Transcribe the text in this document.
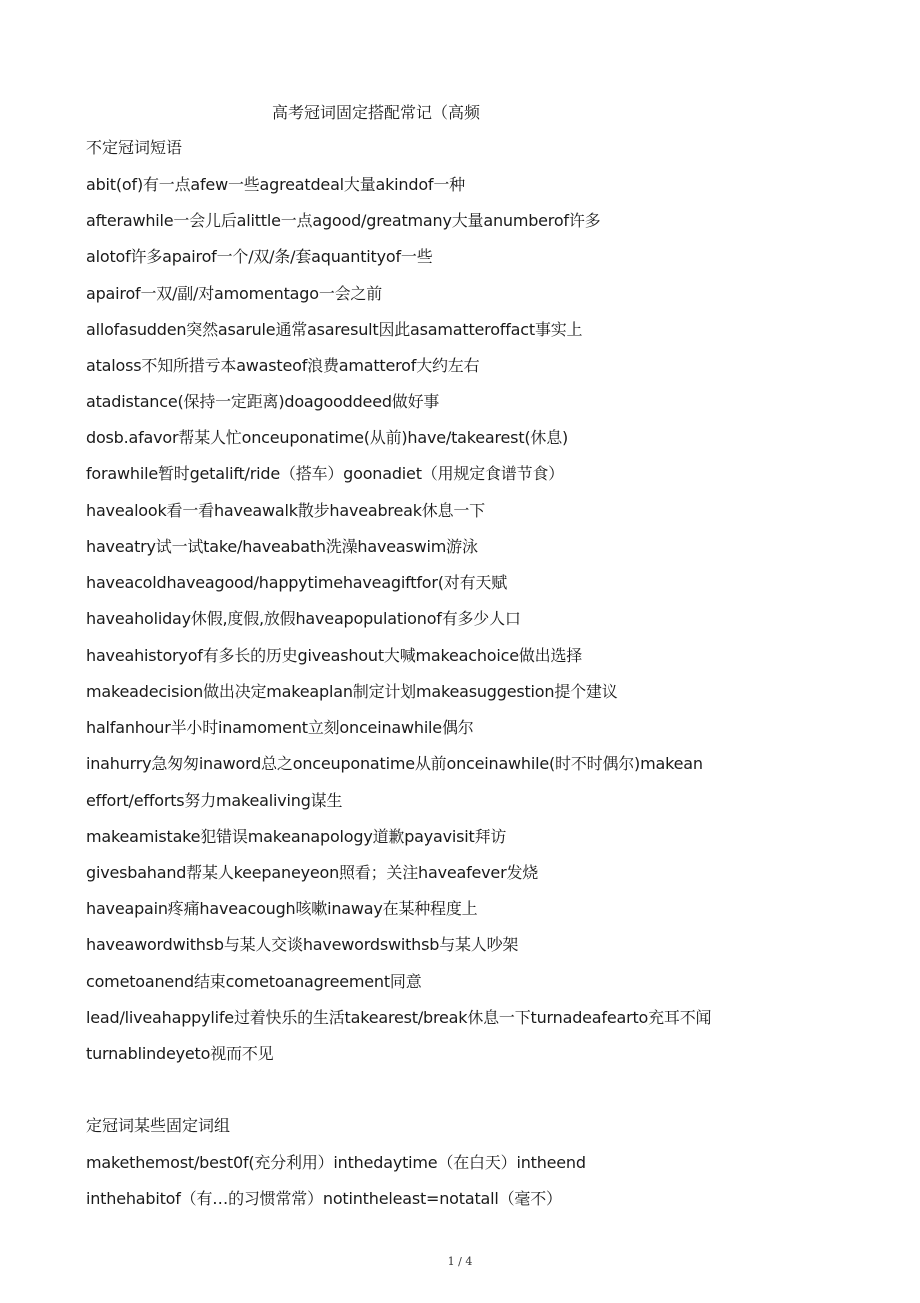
高考冠词固定搭配常记（高频
不定冠词短语
abit(of)有一点afew一些agreatdeal大量akindof一种
afterawhile一会儿后alittle一点agood/greatmany大量anumberof许多
alotof许多apairof一个/双/条/套aquantityof一些
apairof一双/副/对amomentago一会之前
allofasudden突然asarule通常asaresult因此asamatteroffact事实上
ataloss不知所措亏本awasteof浪费amatterof大约左右
atadistance(保持一定距离)doagooddeed做好事
dosb.afavor帮某人忙onceuponatime(从前)have/takearest(休息)
forawhile暂时getalift/ride（搭车）goonadiet（用规定食谱节食）
havealook看一看haveawalk散步haveabreak休息一下
haveatry试一试take/haveabath洗澡haveaswim游泳
haveacoldhaveagood/happytimehaveagiftfor(对有天赋
haveaholiday休假,度假,放假haveapopulationof有多少人口
haveahistoryof有多长的历史giveashout大喊makeachoice做出选择
makeadecision做出决定makeaplan制定计划makeasuggestion提个建议
halfanhour半小时inamoment立刻onceinawhile偶尔
inahurry急匆匆inaword总之onceuponatime从前onceinawhile(时不时偶尔)makean
effort/efforts努力makealiving谋生
makeamistake犯错误makeanapology道歉payavisit拜访
givesbahand帮某人keepaneyeon照看；关注haveafever发烧
haveapain疼痛haveacough咳嗽inaway在某种程度上
haveawordwithsb与某人交谈havewordswithsb与某人吵架
cometoanend结束cometoanagreement同意
lead/liveahappylife过着快乐的生活takearest/break休息一下turnadeafearto充耳不闻
turnablindeyeto视而不见
定冠词某些固定词组
makethemost/best0f(充分利用）inthedaytime（在白天）intheend
inthehabitof（有…的习惯常常）notintheleast=notatall（毫不）
1 / 4
